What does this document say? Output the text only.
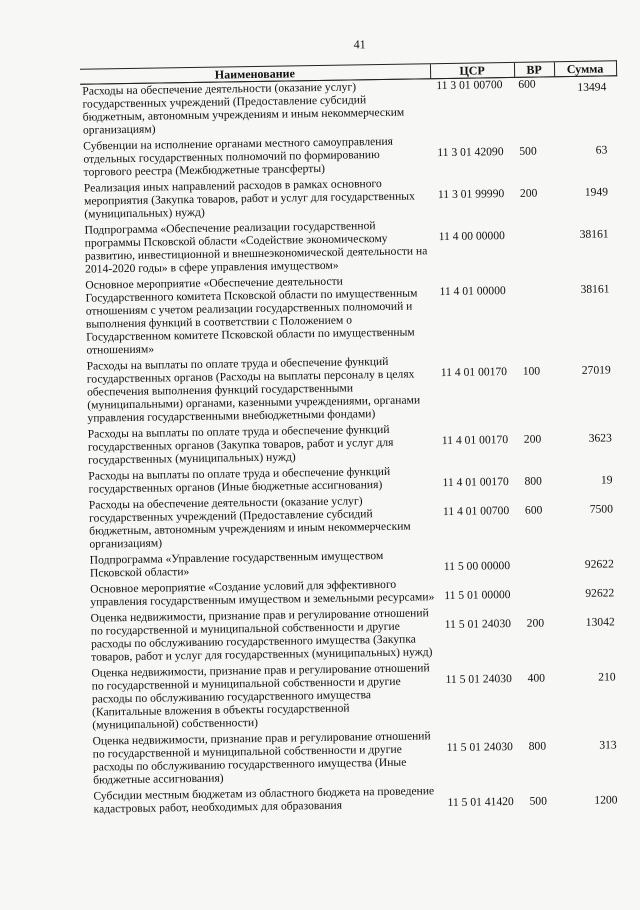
41
Наименование	ЦСР	ВР	Сумма
Расходы на обеспечение деятельности (оказание услуг) государственных учреждений (Предоставление субсидий бюджетным, автономным учреждениям и иным некоммерческим организациям)	11 3 01 00700	600	13494
Субвенции на исполнение органами местного самоуправления отдельных государственных полномочий по формированию торгового реестра (Межбюджетные трансферты)	11 3 01 42090	500	63
Реализация иных направлений расходов в рамках основного мероприятия (Закупка товаров, работ и услуг для государственных (муниципальных) нужд)	11 3 01 99990	200	1949
Подпрограмма «Обеспечение реализации государственной программы Псковской области «Содействие экономическому развитию, инвестиционной и внешнеэкономической деятельности на 2014-2020 годы» в сфере управления имуществом»	11 4 00 00000		38161
Основное мероприятие «Обеспечение деятельности Государственного комитета Псковской области по имущественным отношениям с учетом реализации государственных полномочий и выполнения функций в соответствии с Положением о Государственном комитете Псковской области по имущественным отношениям»	11 4 01 00000		38161
Расходы на выплаты по оплате труда и обеспечение функций государственных органов (Расходы на выплаты персоналу в целях обеспечения выполнения функций государственными (муниципальными) органами, казенными учреждениями, органами управления государственными внебюджетными фондами)	11 4 01 00170	100	27019
Расходы на выплаты по оплате труда и обеспечение функций государственных органов (Закупка товаров, работ и услуг для государственных (муниципальных) нужд)	11 4 01 00170	200	3623
Расходы на выплаты по оплате труда и обеспечение функций государственных органов (Иные бюджетные ассигнования)	11 4 01 00170	800	19
Расходы на обеспечение деятельности (оказание услуг) государственных учреждений (Предоставление субсидий бюджетным, автономным учреждениям и иным некоммерческим организациям)	11 4 01 00700	600	7500
Подпрограмма «Управление государственным имуществом Псковской области»	11 5 00 00000		92622
Основное мероприятие «Создание условий для эффективного управления государственным имуществом и земельными ресурсами»	11 5 01 00000		92622
Оценка недвижимости, признание прав и регулирование отношений по государственной и муниципальной собственности и другие расходы по обслуживанию государственного имущества (Закупка товаров, работ и услуг для государственных (муниципальных) нужд)	11 5 01 24030	200	13042
Оценка недвижимости, признание прав и регулирование отношений по государственной и муниципальной собственности и другие расходы по обслуживанию государственного имущества (Капитальные вложения в объекты государственной (муниципальной) собственности)	11 5 01 24030	400	210
Оценка недвижимости, признание прав и регулирование отношений по государственной и муниципальной собственности и другие расходы по обслуживанию государственного имущества (Иные бюджетные ассигнования)	11 5 01 24030	800	313
Субсидии местным бюджетам из областного бюджета на проведение кадастровых работ, необходимых для образования	11 5 01 41420	500	1200
